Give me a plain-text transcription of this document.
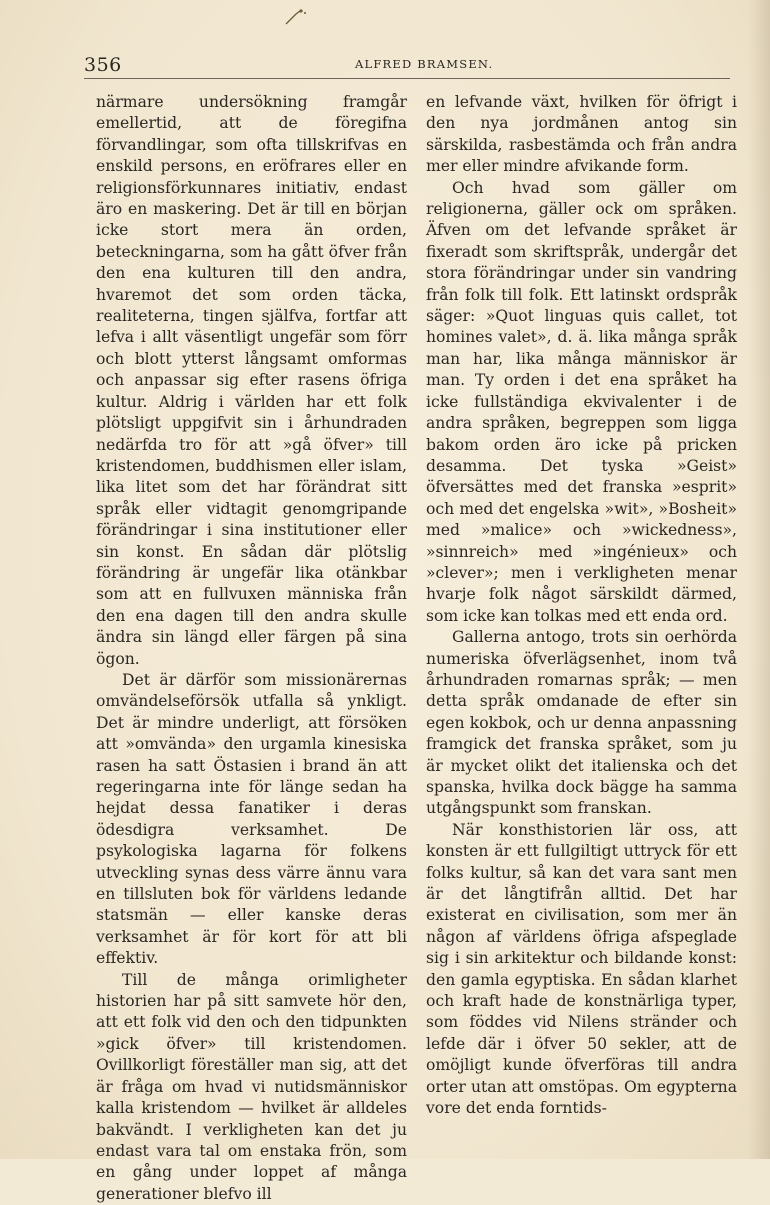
356	ALFRED BRAMSEN.

närmare undersökning framgår emellertid, att de föregifna förvandlingar, som ofta tillskrifvas en enskild persons, en eröfrares eller en religionsförkunnares initiativ, endast äro en maskering. Det är till en början icke stort mera än orden, beteckningarna, som ha gått öfver från den ena kulturen till den andra, hvaremot det som orden täcka, realiteterna, tingen själfva, fortfar att lefva i allt väsentligt ungefär som förr och blott ytterst långsamt omformas och anpassar sig efter rasens öfriga kultur. Aldrig i världen har ett folk plötsligt uppgifvit sin i århundraden nedärfda tro för att »gå öfver» till kristendomen, buddhismen eller islam, lika litet som det har förändrat sitt språk eller vidtagit genomgripande förändringar i sina institutioner eller sin konst. En sådan där plötslig förändring är ungefär lika otänkbar som att en fullvuxen människa från den ena dagen till den andra skulle ändra sin längd eller färgen på sina ögon.

Det är därför som missionärernas omvändelseförsök utfalla så ynkligt. Det är mindre underligt, att försöken att »omvända» den urgamla kinesiska rasen ha satt Östasien i brand än att regeringarna inte för länge sedan ha hejdat dessa fanatiker i deras ödesdigra verksamhet. De psykologiska lagarna för folkens utveckling synas dess värre ännu vara en tillsluten bok för världens ledande statsmän — eller kanske deras verksamhet är för kort för att bli effektiv.

Till de många orimligheter historien har på sitt samvete hör den, att ett folk vid den och den tidpunkten »gick öfver» till kristendomen. Ovillkorligt föreställer man sig, att det är fråga om hvad vi nutidsmänniskor kalla kristendom — hvilket är alldeles bakvändt. I verkligheten kan det ju endast vara tal om enstaka frön, som en gång under loppet af många generationer blefvo ill

en lefvande växt, hvilken för öfrigt i den nya jordmånen antog sin särskilda, rasbestämda och från andra mer eller mindre afvikande form.

Och hvad som gäller om religionerna, gäller ock om språken. Äfven om det lefvande språket är fixeradt som skriftspråk, undergår det stora förändringar under sin vandring från folk till folk. Ett latinskt ordspråk säger: »Quot linguas quis callet, tot homines valet», d. ä. lika många språk man har, lika många människor är man. Ty orden i det ena språket ha icke fullständiga ekvivalenter i de andra språken, begreppen som ligga bakom orden äro icke på pricken desamma. Det tyska »Geist» öfversättes med det franska »esprit» och med det engelska »wit», »Bosheit» med »malice» och »wickedness», »sinnreich» med »ingénieux» och »clever»; men i verkligheten menar hvarje folk något särskildt därmed, som icke kan tolkas med ett enda ord.

Gallerna antogo, trots sin oerhörda numeriska öfverlägsenhet, inom två århundraden romarnas språk; — men detta språk omdanade de efter sin egen kokbok, och ur denna anpassning framgick det franska språket, som ju är mycket olikt det italienska och det spanska, hvilka dock bägge ha samma utgångspunkt som franskan.

När konsthistorien lär oss, att konsten är ett fullgiltigt uttryck för ett folks kultur, så kan det vara sant men är det långtifrån alltid. Det har existerat en civilisation, som mer än någon af världens öfriga afspeglade sig i sin arkitektur och bildande konst: den gamla egyptiska. En sådan klarhet och kraft hade de konstnärliga typer, som föddes vid Nilens stränder och lefde där i öfver 50 sekler, att de omöjligt kunde öfverföras till andra orter utan att omstöpas. Om egypterna vore det enda forntids-
